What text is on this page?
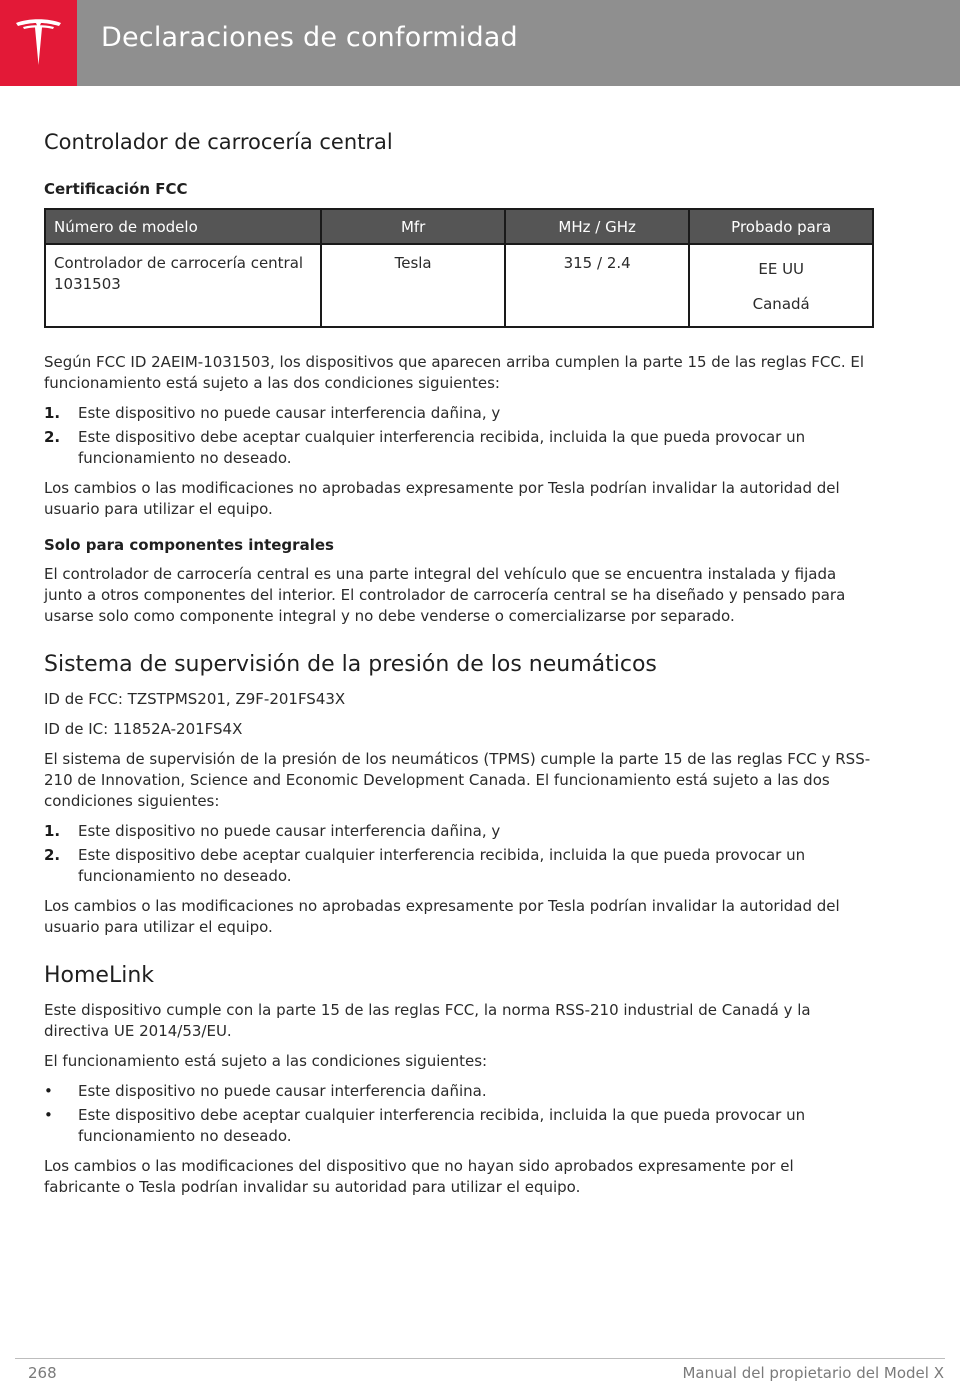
Declaraciones de conformidad
Controlador de carrocería central
Certificación FCC
Número de modelo	Mfr	MHz / GHz	Probado para
Controlador de carrocería central 1031503	Tesla	315 / 2.4	EE UU
Canadá

Según FCC ID 2AEIM-1031503, los dispositivos que aparecen arriba cumplen la parte 15 de las reglas FCC. El funcionamiento está sujeto a las dos condiciones siguientes:

1. Este dispositivo no puede causar interferencia dañina, y
2. Este dispositivo debe aceptar cualquier interferencia recibida, incluida la que pueda provocar un funcionamiento no deseado.

Los cambios o las modificaciones no aprobadas expresamente por Tesla podrían invalidar la autoridad del usuario para utilizar el equipo.

Solo para componentes integrales

El controlador de carrocería central es una parte integral del vehículo que se encuentra instalada y fijada junto a otros componentes del interior. El controlador de carrocería central se ha diseñado y pensado para usarse solo como componente integral y no debe venderse o comercializarse por separado.

Sistema de supervisión de la presión de los neumáticos

ID de FCC: TZSTPMS201, Z9F-201FS43X

ID de IC: 11852A-201FS4X

El sistema de supervisión de la presión de los neumáticos (TPMS) cumple la parte 15 de las reglas FCC y RSS-210 de Innovation, Science and Economic Development Canada. El funcionamiento está sujeto a las dos condiciones siguientes:

1. Este dispositivo no puede causar interferencia dañina, y
2. Este dispositivo debe aceptar cualquier interferencia recibida, incluida la que pueda provocar un funcionamiento no deseado.

Los cambios o las modificaciones no aprobadas expresamente por Tesla podrían invalidar la autoridad del usuario para utilizar el equipo.

HomeLink

Este dispositivo cumple con la parte 15 de las reglas FCC, la norma RSS-210 industrial de Canadá y la directiva UE 2014/53/EU.

El funcionamiento está sujeto a las condiciones siguientes:

• Este dispositivo no puede causar interferencia dañina.
• Este dispositivo debe aceptar cualquier interferencia recibida, incluida la que pueda provocar un funcionamiento no deseado.

Los cambios o las modificaciones del dispositivo que no hayan sido aprobados expresamente por el fabricante o Tesla podrían invalidar su autoridad para utilizar el equipo.

268	Manual del propietario del Model X
